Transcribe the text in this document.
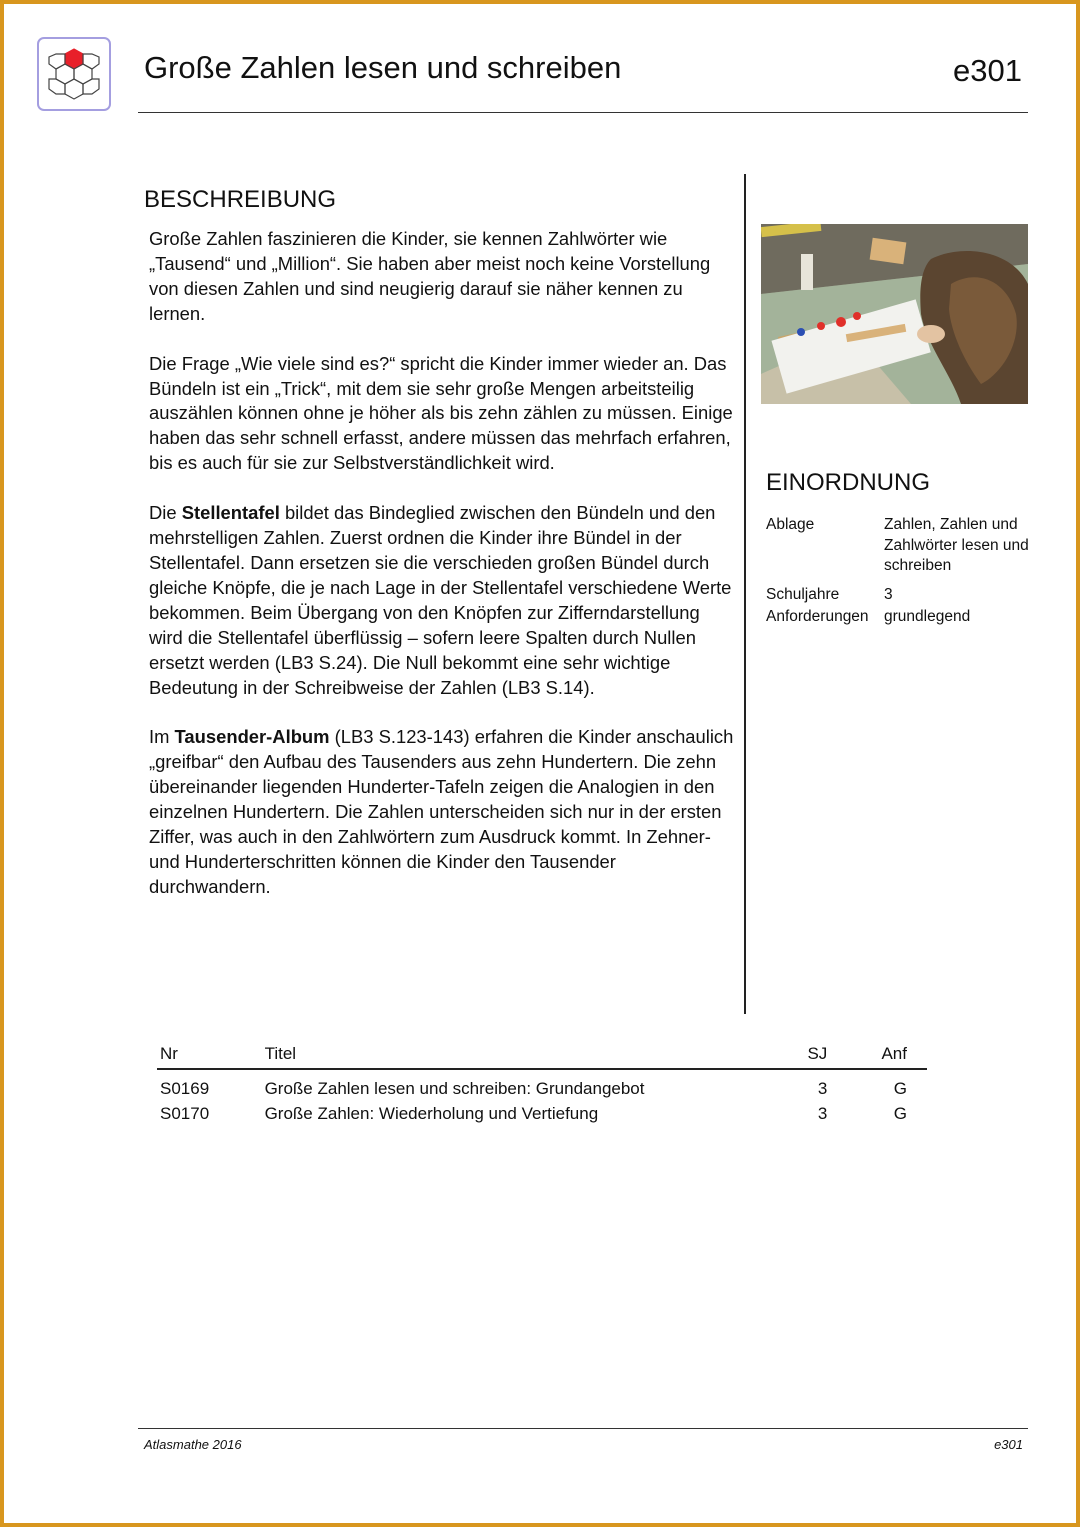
Große Zahlen lesen und schreiben	e301
BESCHREIBUNG

Große Zahlen faszinieren die Kinder, sie kennen Zahlwörter wie „Tausend“ und „Million“. Sie haben aber meist noch keine Vorstellung von diesen Zahlen und sind neugierig darauf sie näher kennen zu lernen.

Die Frage „Wie viele sind es?“ spricht die Kinder immer wieder an. Das Bündeln ist ein „Trick“, mit dem sie sehr große Mengen arbeitsteilig auszählen können ohne je höher als bis zehn zählen zu müssen. Einige haben das sehr schnell erfasst, andere müssen das mehrfach erfahren, bis es auch für sie zur Selbstverständlichkeit wird.

Die Stellentafel bildet das Bindeglied zwischen den Bündeln und den mehrstelligen Zahlen. Zuerst ordnen die Kinder ihre Bündel in der Stellentafel. Dann ersetzen sie die verschieden großen Bündel durch gleiche Knöpfe, die je nach Lage in der Stellentafel verschiedene Werte bekommen. Beim Übergang von den Knöpfen zur Zifferndarstellung wird die Stellentafel überflüssig – sofern leere Spalten durch Nullen ersetzt werden (LB3 S.24). Die Null bekommt eine sehr wichtige Bedeutung in der Schreibweise der Zahlen (LB3 S.14).

Im Tausender-Album (LB3 S.123-143) erfahren die Kinder anschaulich „greifbar“ den Aufbau des Tausenders aus zehn Hundertern. Die zehn übereinander liegenden Hunderter-Tafeln zeigen die Analogien in den einzelnen Hundertern. Die Zahlen unterscheiden sich nur in der ersten Ziffer, was auch in den Zahlwörtern zum Ausdruck kommt. In Zehner- und Hunderterschritten können die Kinder den Tausender durchwandern.

EINORDNUNG
Ablage	Zahlen, Zahlen und Zahlwörter lesen und schreiben
Schuljahre	3
Anforderungen grundlegend
Nr	Titel	SJ	Anf
S0169	Große Zahlen lesen und schreiben: Grundangebot	3	G
S0170	Große Zahlen: Wiederholung und Vertiefung	3	G
Atlasmathe 2016	e301
